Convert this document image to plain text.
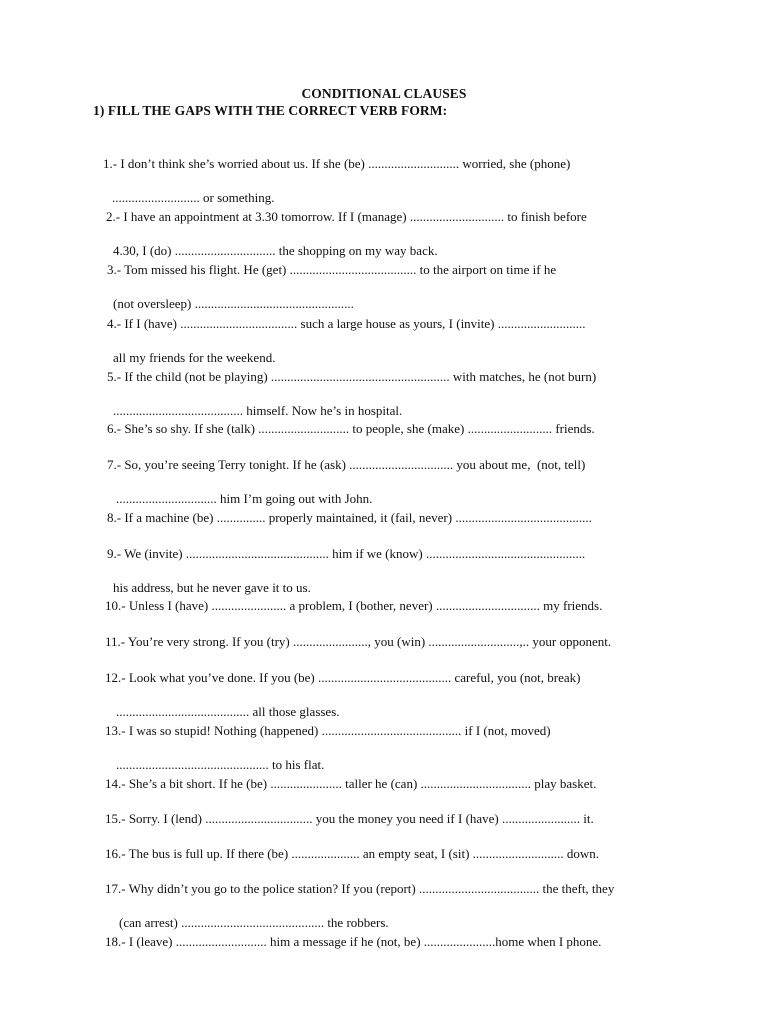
CONDITIONAL CLAUSES
1) FILL THE GAPS WITH THE CORRECT VERB FORM:

1.- I don’t think she’s worried about us. If she (be) ............................ worried, she (phone)

........................... or something.

2.- I have an appointment at 3.30 tomorrow. If I (manage) ............................. to finish before

4.30, I (do) ............................... the shopping on my way back.

3.- Tom missed his flight. He (get) ....................................... to the airport on time if he

(not oversleep) .................................................

4.- If I (have) .................................... such a large house as yours, I (invite) ...........................

all my friends for the weekend.

5.- If the child (not be playing) ....................................................... with matches, he (not burn)

........................................ himself. Now he’s in hospital.

6.- She’s so shy. If she (talk) ............................ to people, she (make) .......................... friends.

7.- So, you’re seeing Terry tonight. If he (ask) ................................ you about me,  (not, tell)

............................... him I’m going out with John.

8.- If a machine (be) ............... properly maintained, it (fail, never) ..........................................

9.- We (invite) ............................................ him if we (know) .................................................

his address, but he never gave it to us.

10.- Unless I (have) ....................... a problem, I (bother, never) ................................ my friends.

11.- You’re very strong. If you (try) ......................., you (win) ............................,.. your opponent.

12.- Look what you’ve done. If you (be) ......................................... careful, you (not, break)

......................................... all those glasses.

13.- I was so stupid! Nothing (happened) ........................................... if I (not, moved)

............................................... to his flat.

14.- She’s a bit short. If he (be) ...................... taller he (can) .................................. play basket.

15.- Sorry. I (lend) ................................. you the money you need if I (have) ........................ it.

16.- The bus is full up. If there (be) ..................... an empty seat, I (sit) ............................ down.

17.- Why didn’t you go to the police station? If you (report) ..................................... the theft, they

(can arrest) ............................................ the robbers.

18.- I (leave) ............................ him a message if he (not, be) ......................home when I phone.
